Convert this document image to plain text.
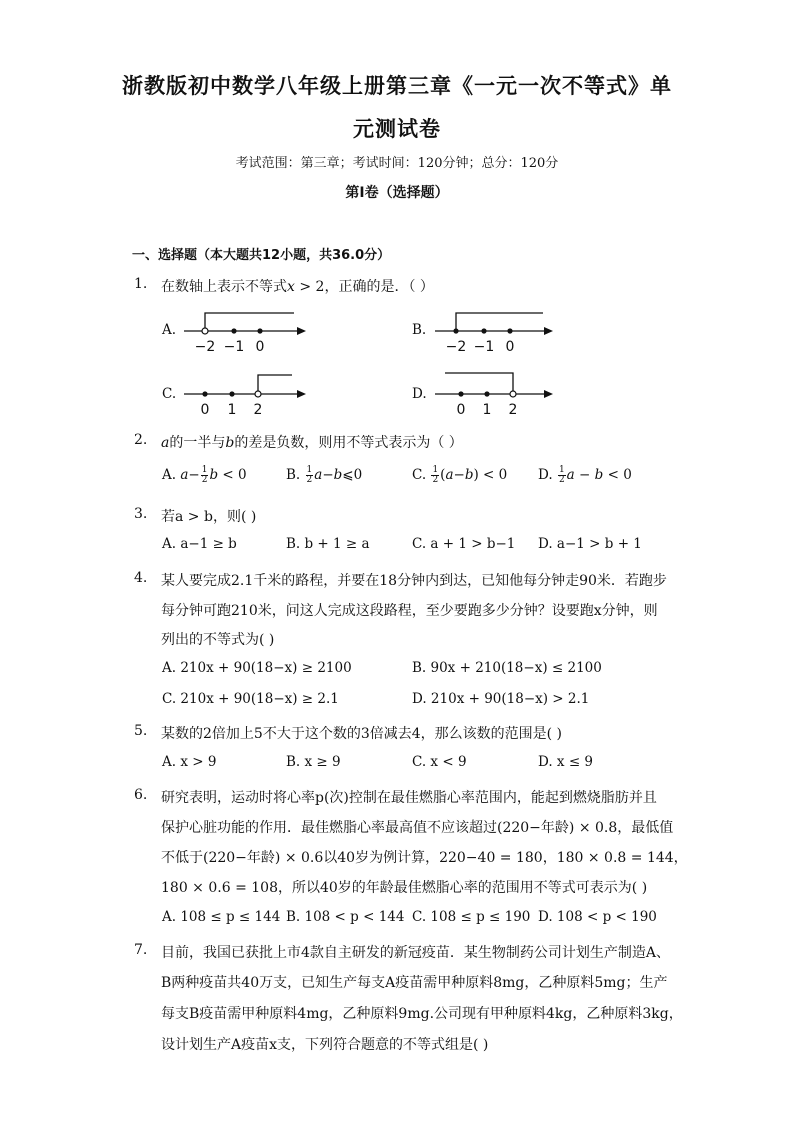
浙教版初中数学八年级上册第三章《一元一次不等式》单
元测试卷
考试范围：第三章；考试时间：120分钟；总分：120分
第Ⅰ卷（选择题）
一、选择题（本大题共12小题，共36.0分）
1. 在数轴上表示不等式x > 2，正确的是．（ ）
A.
−2 −1 0
B.
−2 −1 0
C.
0 1 2
D.
0 1 2
2. a的一半与b的差是负数，则用不等式表示为（ ）
A. $a- \frac{1}{2}$ b < 0	B. $\frac{1}{2}$ a−b⩽0	C. $\frac{1}{2} (a-b) < 0$ D. $\frac{1}{2}$ a − b < 0
3. 若a > b，则( )
A. a−1 ≥ b	B. b + 1 ≥ a	C. a + 1 > b−1 D. a−1 > b + 1
4. 某人要完成2.1千米的路程，并要在18分钟内到达，已知他每分钟走90米．若跑步
每分钟可跑210米，问这人完成这段路程，至少要跑多少分钟？设要跑x分钟，则
列出的不等式为( )
A. 210x + 90(18−x) ≥ 2100	B. 90x + 210(18−x) ≤ 2100
C. 210x + 90(18−x) ≥ 2.1	D. 210x + 90(18−x) > 2.1
5. 某数的2倍加上5不大于这个数的3倍减去4，那么该数的范围是( )
A. x > 9	B. x ≥ 9	C. x < 9	D. x ≤ 9
6. 研究表明，运动时将心率p(次)控制在最佳燃脂心率范围内，能起到燃烧脂肪并且
保护心脏功能的作用．最佳燃脂心率最高值不应该超过(220−年龄) × 0.8，最低值
不低于(220−年龄) × 0.6以40岁为例计算，220−40 = 180，180 × 0.8 = 144，
180 × 0.6 = 108，所以40岁的年龄最佳燃脂心率的范围用不等式可表示为( )
A. 108 ≤ p ≤ 144 B. 108 < p < 144 C. 108 ≤ p ≤ 190 D. 108 < p < 190
7. 目前，我国已获批上市4款自主研发的新冠疫苗．某生物制药公司计划生产制造A、
B两种疫苗共40万支，已知生产每支A疫苗需甲种原料8mg，乙种原料5mg；生产
每支B疫苗需甲种原料4mg，乙种原料9mg.公司现有甲种原料4kg，乙种原料3kg，
设计划生产A疫苗x支，下列符合题意的不等式组是( )
